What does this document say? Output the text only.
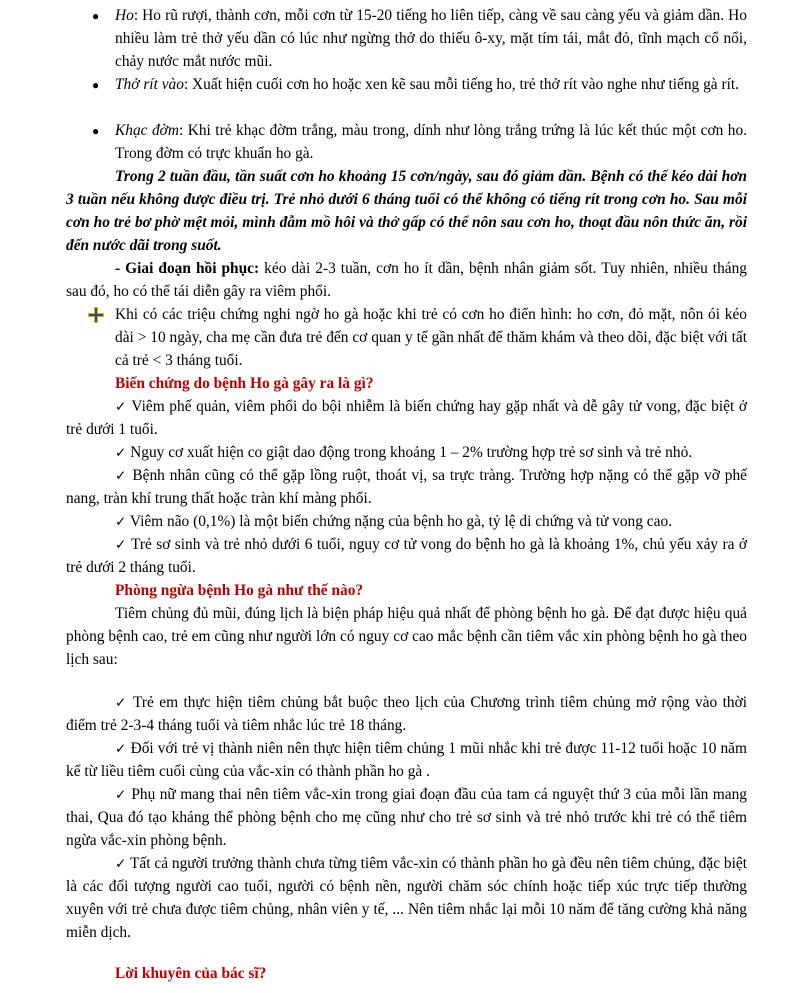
● Ho: Ho rũ rượi, thành cơn, mỗi cơn từ 15-20 tiếng ho liên tiếp, càng về sau càng yếu và giảm dần. Ho nhiều làm trẻ thở yếu dần có lúc như ngừng thở do thiếu ô-xy, mặt tím tái, mắt đỏ, tĩnh mạch cổ nổi, chảy nước mắt nước mũi.

● Thở rít vào: Xuất hiện cuối cơn ho hoặc xen kẽ sau mỗi tiếng ho, trẻ thở rít vào nghe như tiếng gà rít.

● Khạc đờm: Khi trẻ khạc đờm trắng, màu trong, dính như lòng trắng trứng là lúc kết thúc một cơn ho. Trong đờm có trực khuẩn ho gà.

Trong 2 tuần đầu, tần suất cơn ho khoảng 15 cơn/ngày, sau đó giảm dần. Bệnh có thể kéo dài hơn 3 tuần nếu không được điều trị. Trẻ nhỏ dưới 6 tháng tuổi có thể không có tiếng rít trong cơn ho. Sau mỗi cơn ho trẻ bơ phờ mệt mỏi, mình đẫm mồ hôi và thở gấp có thể nôn sau cơn ho, thoạt đầu nôn thức ăn, rồi đến nước dãi trong suốt.

- Giai đoạn hồi phục: kéo dài 2-3 tuần, cơn ho ít dần, bệnh nhân giảm sốt. Tuy nhiên, nhiều tháng sau đó, ho có thể tái diễn gây ra viêm phổi.

Khi có các triệu chứng nghi ngờ ho gà hoặc khi trẻ có cơn ho điển hình: ho cơn, đỏ mặt, nôn ói kéo dài > 10 ngày, cha mẹ cần đưa trẻ đến cơ quan y tế gần nhất để thăm khám và theo dõi, đặc biệt với tất cả trẻ < 3 tháng tuổi.

Biến chứng do bệnh Ho gà gây ra là gì?

✓ Viêm phế quản, viêm phổi do bội nhiễm là biến chứng hay gặp nhất và dễ gây tử vong, đặc biệt ở trẻ dưới 1 tuổi.

✓ Nguy cơ xuất hiện co giật dao động trong khoảng 1 – 2% trường hợp trẻ sơ sinh và trẻ nhỏ.

✓ Bệnh nhân cũng có thể gặp lồng ruột, thoát vị, sa trực tràng. Trường hợp nặng có thể gặp vỡ phế nang, tràn khí trung thất hoặc tràn khí màng phổi.

✓ Viêm não (0,1%) là một biến chứng nặng của bệnh ho gà, tỷ lệ di chứng và tử vong cao.

✓ Trẻ sơ sinh và trẻ nhỏ dưới 6 tuổi, nguy cơ tử vong do bệnh ho gà là khoảng 1%, chủ yếu xảy ra ở trẻ dưới 2 tháng tuổi.

Phòng ngừa bệnh Ho gà như thế nào?

Tiêm chủng đủ mũi, đúng lịch là biện pháp hiệu quả nhất để phòng bệnh ho gà. Để đạt được hiệu quả phòng bệnh cao, trẻ em cũng như người lớn có nguy cơ cao mắc bệnh cần tiêm vắc xin phòng bệnh ho gà theo lịch sau:

✓ Trẻ em thực hiện tiêm chủng bắt buộc theo lịch của Chương trình tiêm chủng mở rộng vào thời điểm trẻ 2-3-4 tháng tuổi và tiêm nhắc lúc trẻ 18 tháng.

✓ Đối với trẻ vị thành niên nên thực hiện tiêm chủng 1 mũi nhắc khi trẻ được 11-12 tuổi hoặc 10 năm kể từ liều tiêm cuối cùng của vắc-xin có thành phần ho gà .

✓ Phụ nữ mang thai nên tiêm vắc-xin trong giai đoạn đầu của tam cá nguyệt thứ 3 của mỗi lần mang thai, Qua đó tạo kháng thể phòng bệnh cho mẹ cũng như cho trẻ sơ sinh và trẻ nhỏ trước khi trẻ có thể tiêm ngừa vắc-xin phòng bệnh.

✓ Tất cả người trưởng thành chưa từng tiêm vắc-xin có thành phần ho gà đều nên tiêm chủng, đặc biệt là các đối tượng người cao tuổi, người có bệnh nền, người chăm sóc chính hoặc tiếp xúc trực tiếp thường xuyên với trẻ chưa được tiêm chủng, nhân viên y tế, ... Nên tiêm nhắc lại mỗi 10 năm để tăng cường khả năng miễn dịch.

Lời khuyên của bác sĩ?
